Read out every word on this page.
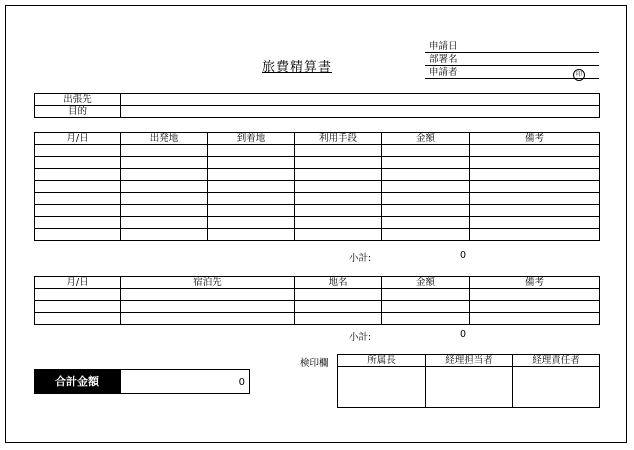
旅費精算書
申請日
部署名
申請者	印
出張先	
目的	
月/日	出発地	到着地	利用手段	金額	備考

小計:	0
月/日	宿泊先	地名	金額	備考

小計:	0
検印欄	所属長	経理担当者	経理責任者

合計金額	0
